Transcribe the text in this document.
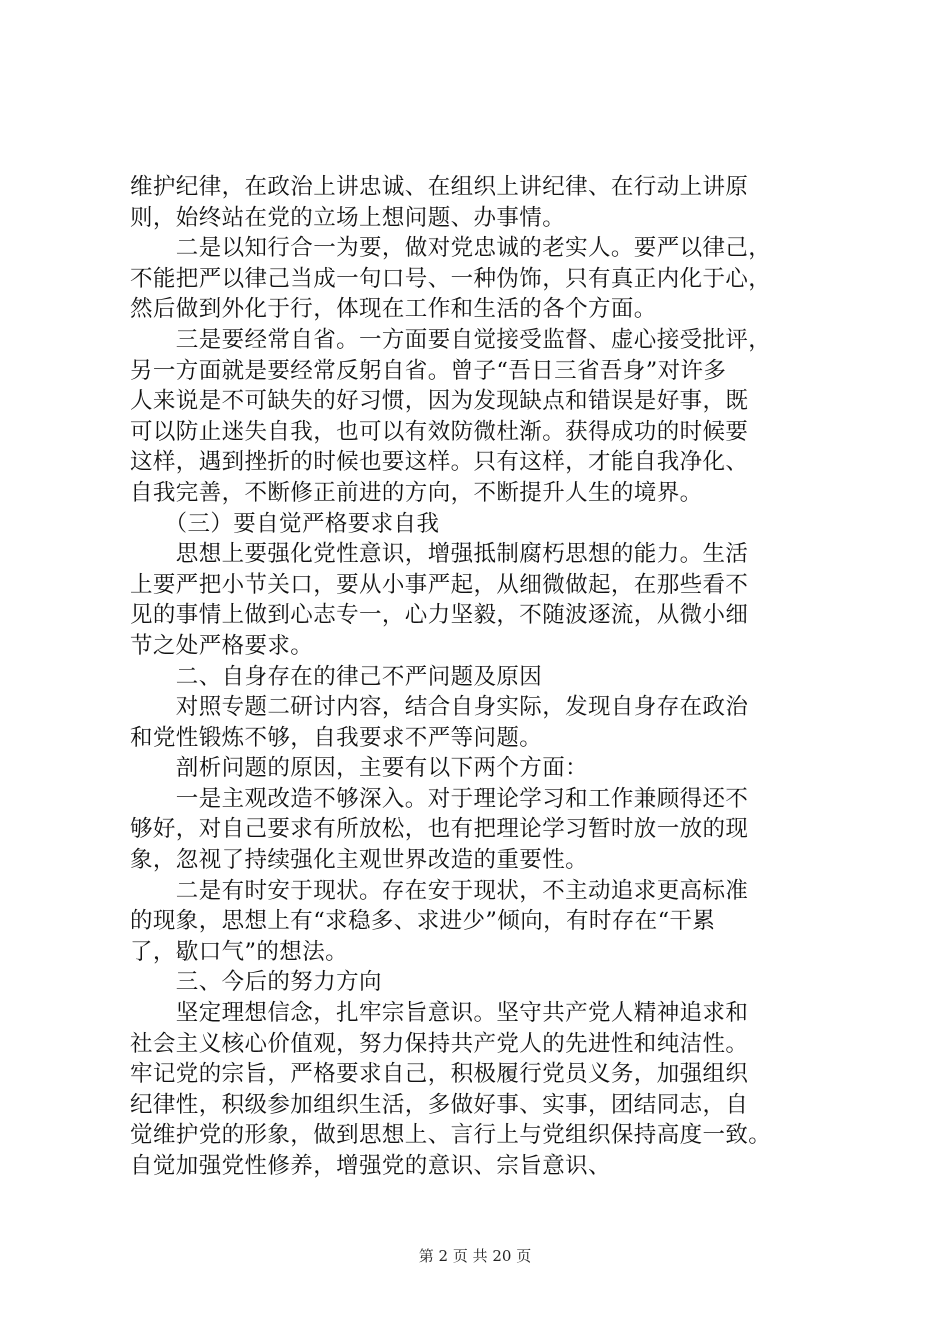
维护纪律，在政治上讲忠诚、在组织上讲纪律、在行动上讲原
则，始终站在党的立场上想问题、办事情。
　　二是以知行合一为要，做对党忠诚的老实人。要严以律己，
不能把严以律己当成一句口号、一种伪饰，只有真正内化于心，
然后做到外化于行，体现在工作和生活的各个方面。
　　三是要经常自省。一方面要自觉接受监督、虚心接受批评，
另一方面就是要经常反躬自省。曾子“吾日三省吾身”对许多
人来说是不可缺失的好习惯，因为发现缺点和错误是好事，既
可以防止迷失自我，也可以有效防微杜渐。获得成功的时候要
这样，遇到挫折的时候也要这样。只有这样，才能自我净化、
自我完善，不断修正前进的方向，不断提升人生的境界。
　　（三）要自觉严格要求自我
　　思想上要强化党性意识，增强抵制腐朽思想的能力。生活
上要严把小节关口，要从小事严起，从细微做起，在那些看不
见的事情上做到心志专一，心力坚毅，不随波逐流，从微小细
节之处严格要求。
　　二、自身存在的律己不严问题及原因
　　对照专题二研讨内容，结合自身实际，发现自身存在政治
和党性锻炼不够，自我要求不严等问题。
　　剖析问题的原因，主要有以下两个方面：
　　一是主观改造不够深入。对于理论学习和工作兼顾得还不
够好，对自己要求有所放松，也有把理论学习暂时放一放的现
象，忽视了持续强化主观世界改造的重要性。
　　二是有时安于现状。存在安于现状，不主动追求更高标准
的现象，思想上有“求稳多、求进少”倾向，有时存在“干累
了，歇口气”的想法。
　　三、今后的努力方向
　　坚定理想信念，扎牢宗旨意识。坚守共产党人精神追求和
社会主义核心价值观，努力保持共产党人的先进性和纯洁性。
牢记党的宗旨，严格要求自己，积极履行党员义务，加强组织
纪律性，积级参加组织生活，多做好事、实事，团结同志，自
觉维护党的形象，做到思想上、言行上与党组织保持高度一致。
自觉加强党性修养，增强党的意识、宗旨意识、
第 2 页 共 20 页
